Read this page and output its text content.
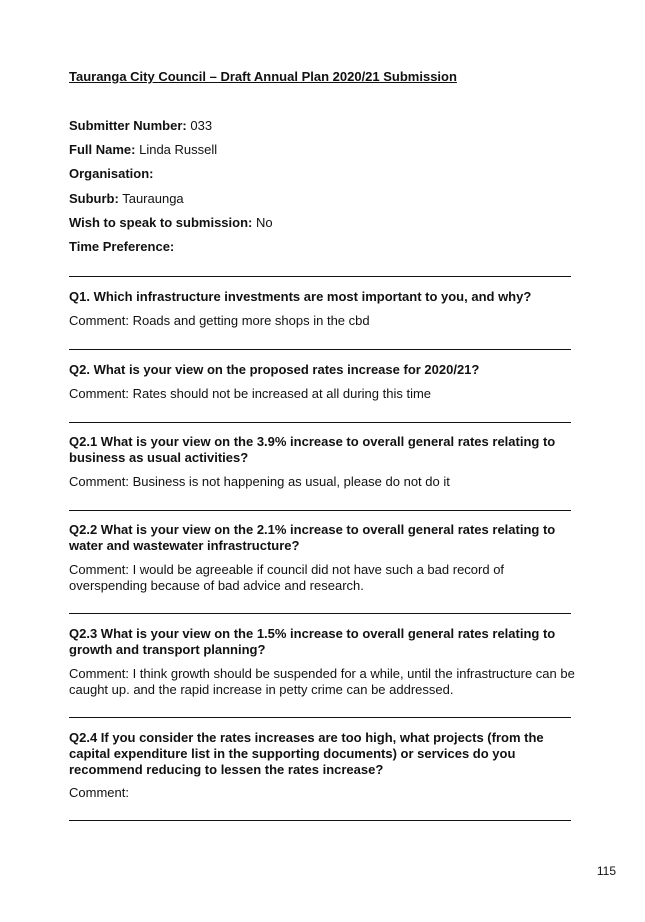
Tauranga City Council – Draft Annual Plan 2020/21 Submission
Submitter Number: 033
Full Name: Linda Russell
Organisation:
Suburb: Taurаunga
Wish to speak to submission: No
Time Preference:
Q1. Which infrastructure investments are most important to you, and why?
Comment: Roads and getting more shops in the cbd
Q2. What is your view on the proposed rates increase for 2020/21?
Comment: Rates should not be increased at all during this time
Q2.1 What is your view on the 3.9% increase to overall general rates relating to business as usual activities?
Comment: Business is not happening as usual, please do not do it
Q2.2 What is your view on the 2.1% increase to overall general rates relating to water and wastewater infrastructure?
Comment: I would be agreeable if council did not have such a bad record of overspending because of bad advice and research.
Q2.3 What is your view on the 1.5% increase to overall general rates relating to growth and transport planning?
Comment: I think growth should be suspended for a while, until the infrastructure can be caught up. and the rapid increase in petty crime can be addressed.
Q2.4 If you consider the rates increases are too high, what projects (from the capital expenditure list in the supporting documents) or services do you recommend reducing to lessen the rates increase?
Comment:
115
